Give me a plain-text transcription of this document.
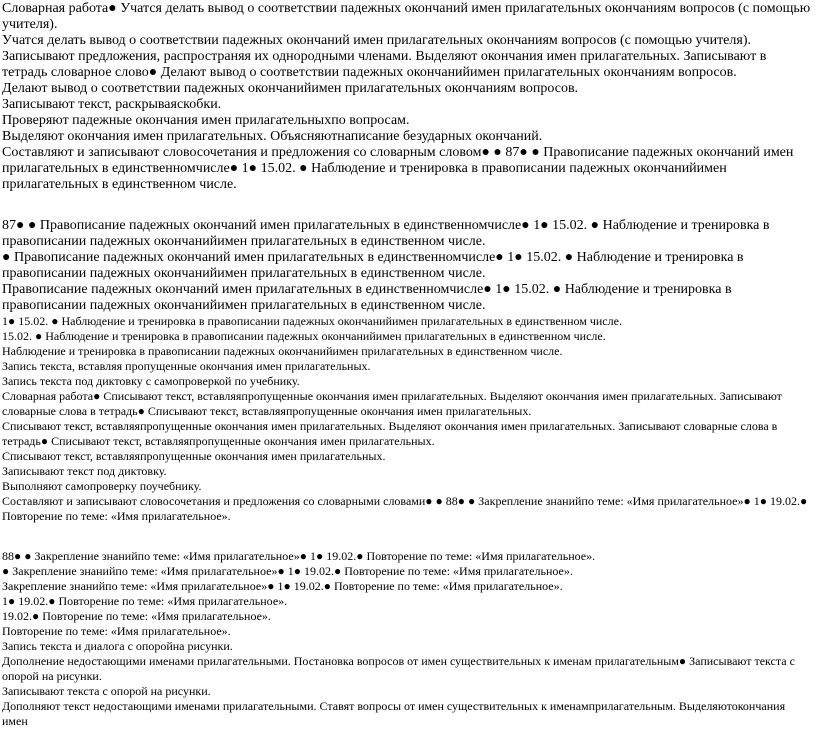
Словарная работа● Учатся делать вывод о соответствии падежных окончаний имен прилагательных окончаниям вопросов (с помощью учителя).
Учатся делать вывод о соответствии падежных окончаний имен прилагательных окончаниям вопросов (с помощью учителя).
Записывают предложения, распространяя их однородными членами. Выделяют окончания имен прилагательных. Записывают в тетрадь словарное слово● Делают вывод о соответствии падежных окончанийимен прилагательных окончаниям вопросов.
Делают вывод о соответствии падежных окончанийимен прилагательных окончаниям вопросов.
Записывают текст, раскрываяскобки.
Проверяют падежные окончания имен прилагательныхпо вопросам.
Выделяют окончания имен прилагательных. Объясняютнаписание безударных окончаний.
Составляют и записывают словосочетания и предложения со словарным словом● ● 87● ● Правописание падежных окончаний имен прилагательных в единственномчисле● 1● 15.02. ● Наблюдение и тренировка в правописании падежных окончанийимен прилагательных в единственном числе.
87● ● Правописание падежных окончаний имен прилагательных в единственномчисле● 1● 15.02. ● Наблюдение и тренировка в правописании падежных окончанийимен прилагательных в единственном числе.
● Правописание падежных окончаний имен прилагательных в единственномчисле● 1● 15.02. ● Наблюдение и тренировка в правописании падежных окончанийимен прилагательных в единственном числе.
Правописание падежных окончаний имен прилагательных в единственномчисле● 1● 15.02. ● Наблюдение и тренировка в правописании падежных окончанийимен прилагательных в единственном числе.
1● 15.02. ● Наблюдение и тренировка в правописании падежных окончанийимен прилагательных в единственном числе.
15.02. ● Наблюдение и тренировка в правописании падежных окончанийимен прилагательных в единственном числе.
Наблюдение и тренировка в правописании падежных окончанийимен прилагательных в единственном числе.
Запись текста, вставляя пропущенные окончания имен прилагательных.
Запись текста под диктовку с самопроверкой по учебнику.
Словарная работа● Списывают текст, вставляяпропущенные окончания имен прилагательных. Выделяют окончания имен прилагательных. Записывают словарные слова в тетрадь● Списывают текст, вставляяпропущенные окончания имен прилагательных.
Списывают текст, вставляяпропущенные окончания имен прилагательных. Выделяют окончания имен прилагательных. Записывают словарные слова в тетрадь● Списывают текст, вставляяпропущенные окончания имен прилагательных.
Списывают текст, вставляяпропущенные окончания имен прилагательных.
Записывают текст под диктовку.
Выполняют самопроверку поучебнику.
Составляют и записывают словосочетания и предложения со словарными словами● ● 88● ● Закрепление знанийпо теме: «Имя прилагательное»● 1● 19.02.● Повторение по теме: «Имя прилагательное».
88● ● Закрепление знанийпо теме: «Имя прилагательное»● 1● 19.02.● Повторение по теме: «Имя прилагательное».
● Закрепление знанийпо теме: «Имя прилагательное»● 1● 19.02.● Повторение по теме: «Имя прилагательное».
Закрепление знанийпо теме: «Имя прилагательное»● 1● 19.02.● Повторение по теме: «Имя прилагательное».
1● 19.02.● Повторение по теме: «Имя прилагательное».
19.02.● Повторение по теме: «Имя прилагательное».
Повторение по теме: «Имя прилагательное».
Запись текста и диалога с опоройна рисунки.
Дополнение недостающими именами прилагательными. Постановка вопросов от имен существительных к именам прилагательным● Записывают текста с опорой на рисунки.
Записывают текста с опорой на рисунки.
Дополняют текст недостающими именами прилагательными. Ставят вопросы от имен существительных к именамприлагательным. Выделяютокончания имен
